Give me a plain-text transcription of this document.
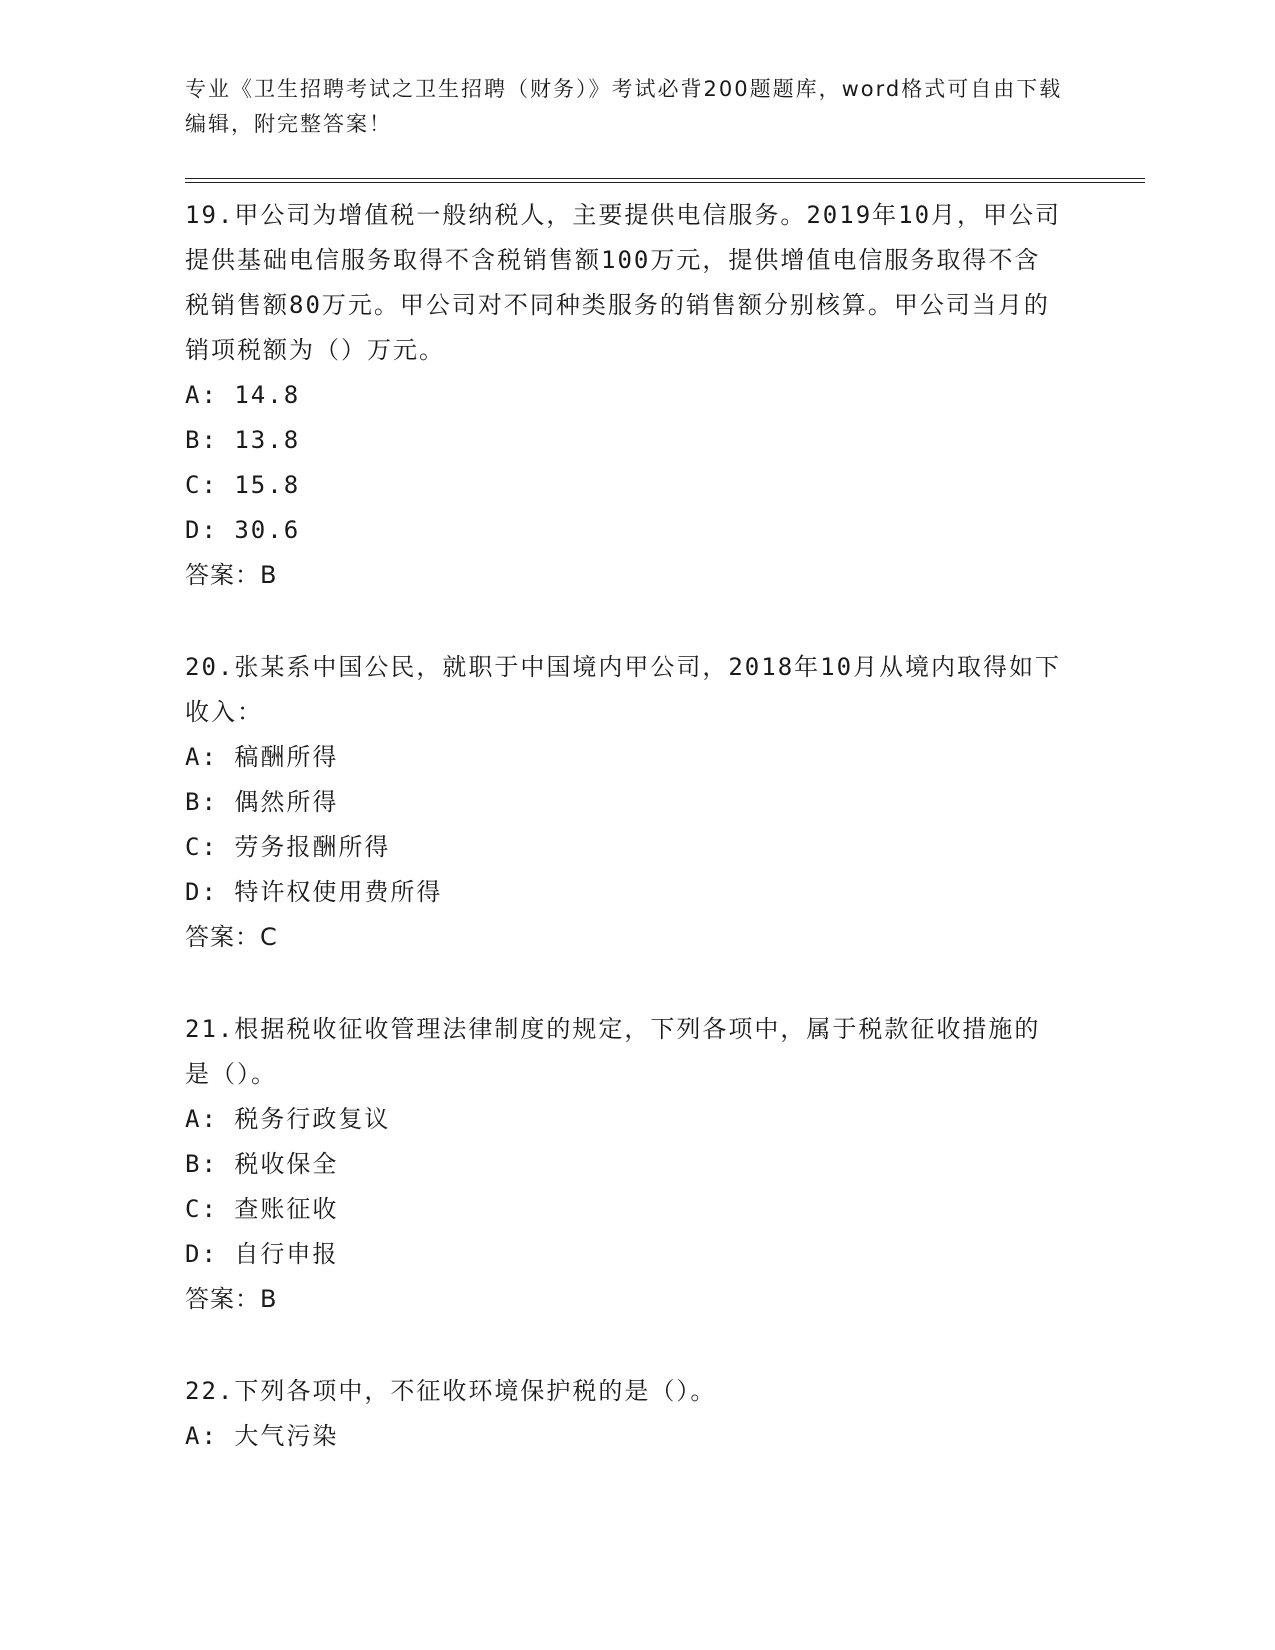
专业《卫生招聘考试之卫生招聘（财务）》考试必背200题题库，word格式可自由下载编辑，附完整答案！

19.甲公司为增值税一般纳税人，主要提供电信服务。2019年10月，甲公司提供基础电信服务取得不含税销售额100万元，提供增值电信服务取得不含税销售额80万元。甲公司对不同种类服务的销售额分别核算。甲公司当月的销项税额为（）万元。

A: 14.8

B: 13.8

C: 15.8

D: 30.6

答案：B

20.张某系中国公民，就职于中国境内甲公司，2018年10月从境内取得如下收入：

A: 稿酬所得

B: 偶然所得

C: 劳务报酬所得

D: 特许权使用费所得

答案：C

21.根据税收征收管理法律制度的规定，下列各项中，属于税款征收措施的是（）。

A: 税务行政复议

B: 税收保全

C: 查账征收

D: 自行申报

答案：B

22.下列各项中，不征收环境保护税的是（）。

A: 大气污染
